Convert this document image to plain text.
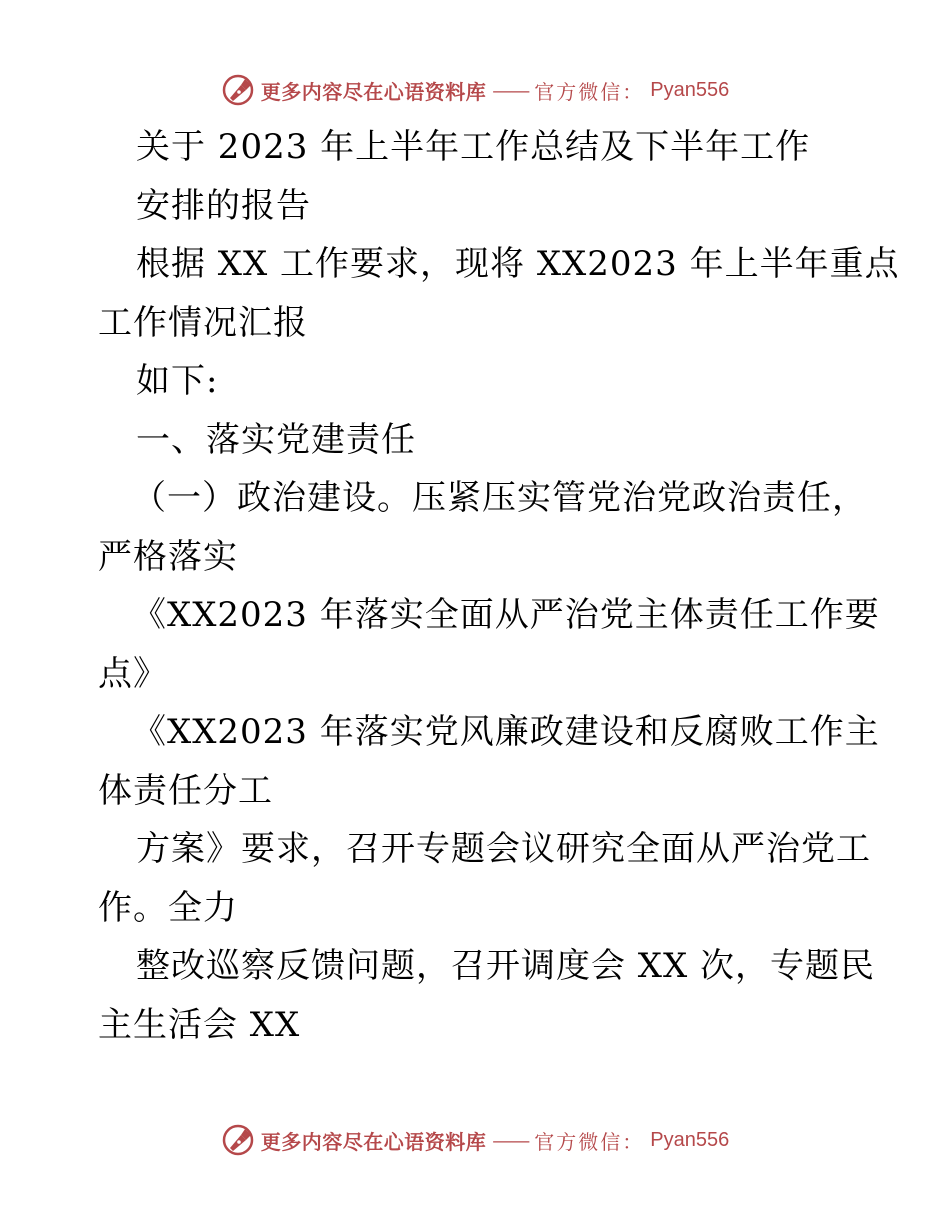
更多内容尽在心语资料库 —— 官方微信： Pyan556
关于 2023 年上半年工作总结及下半年工作
安排的报告
根据 XX 工作要求，现将 XX2023 年上半年重点
工作情况汇报
如下:
一、落实党建责任
（一）政治建设。压紧压实管党治党政治责任，
严格落实
《XX2023 年落实全面从严治党主体责任工作要
点》
《XX2023 年落实党风廉政建设和反腐败工作主
体责任分工
方案》要求，召开专题会议研究全面从严治党工
作。全力
整改巡察反馈问题，召开调度会 XX 次，专题民
主生活会 XX
更多内容尽在心语资料库 —— 官方微信： Pyan556
